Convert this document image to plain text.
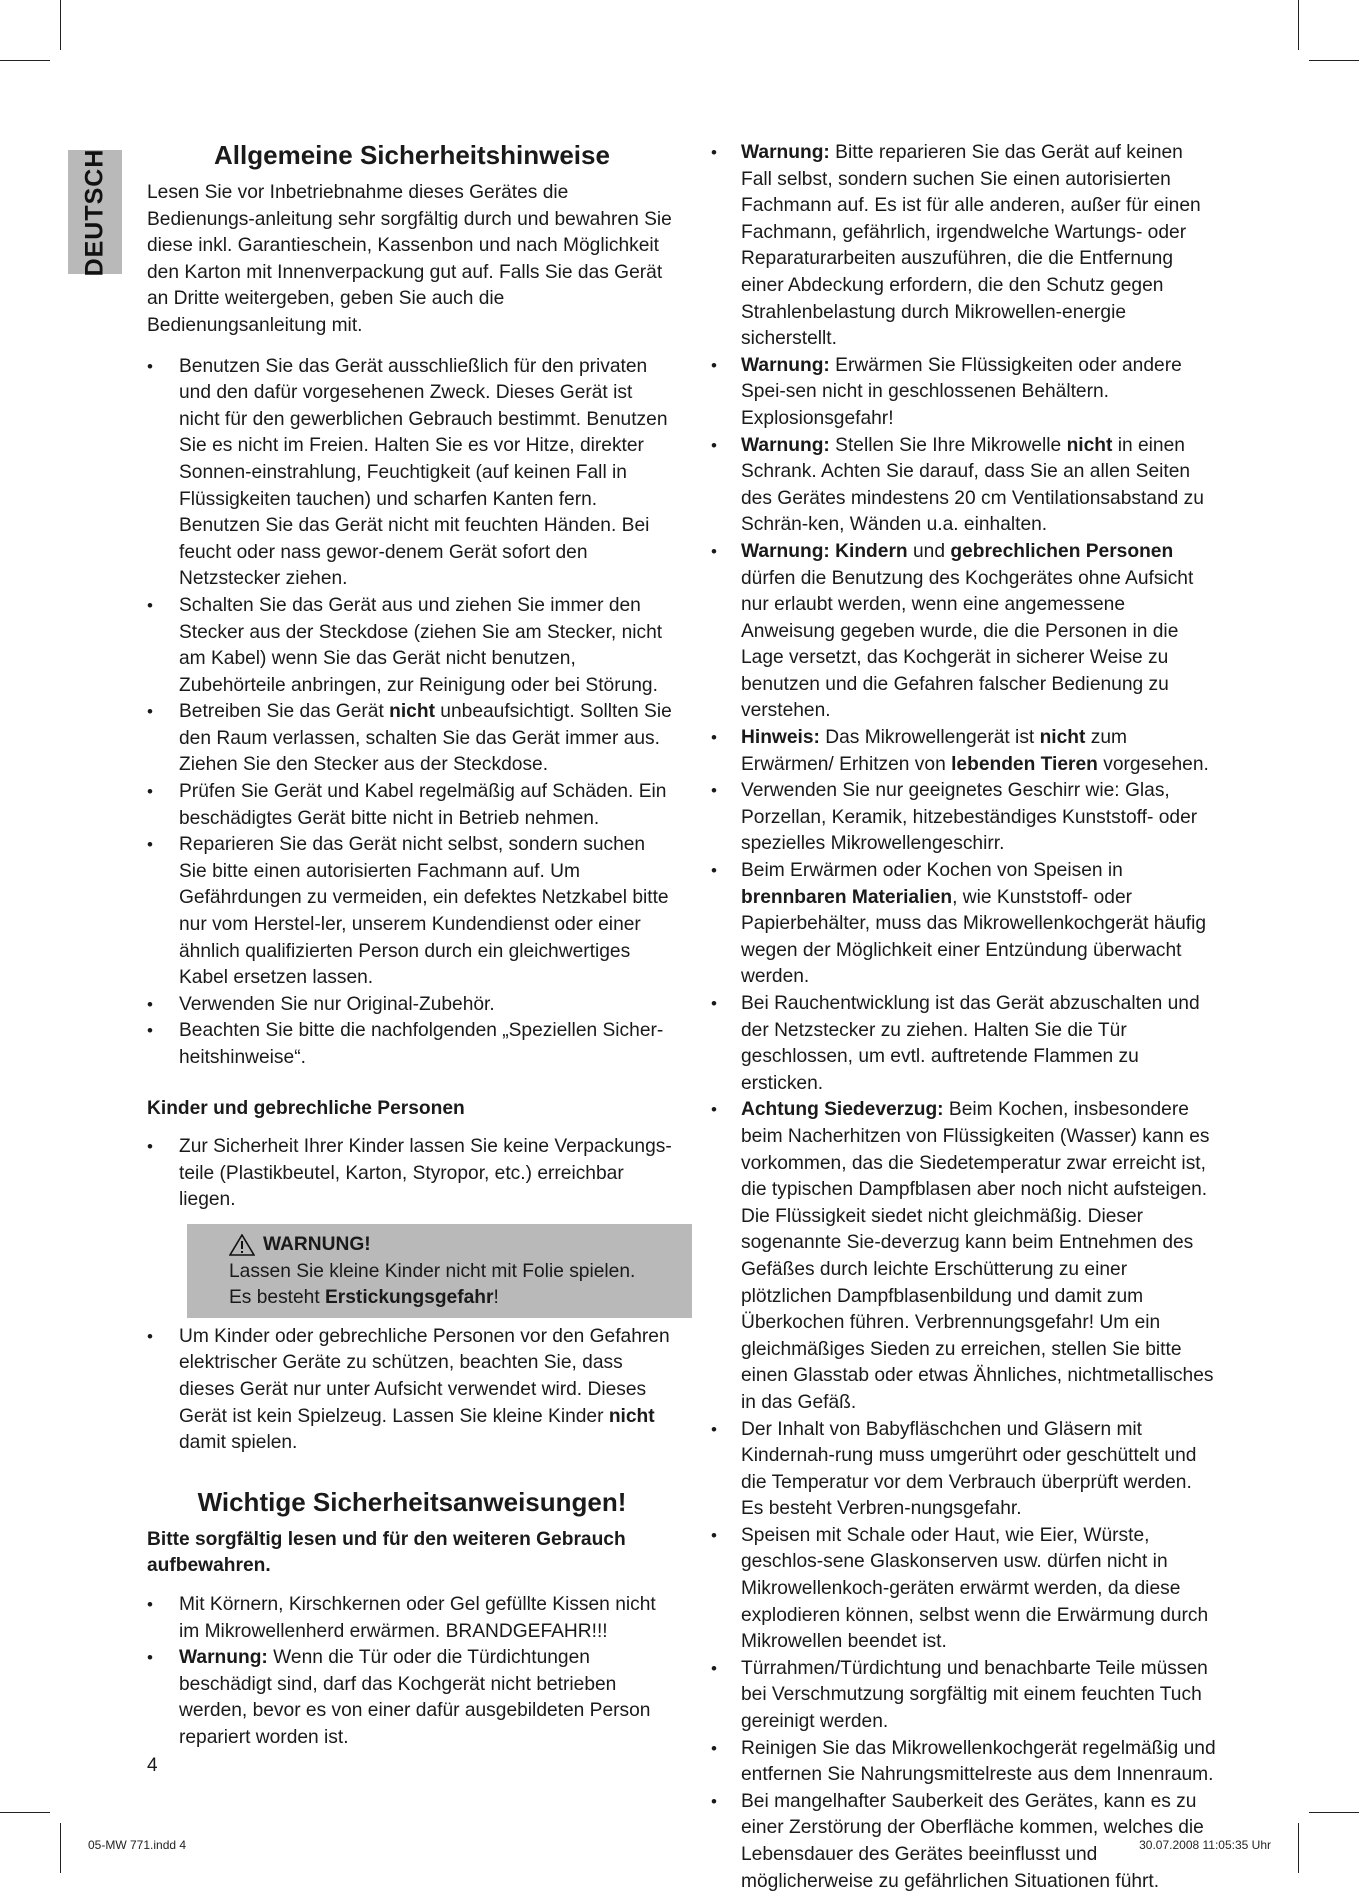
DEUTSCH	Allgemeine Sicherheitshinweise

Lesen Sie vor Inbetriebnahme dieses Gerätes die Bedienungs-anleitung sehr sorgfältig durch und bewahren Sie diese inkl. Garantieschein, Kassenbon und nach Möglichkeit den Karton mit Innenverpackung gut auf. Falls Sie das Gerät an Dritte weitergeben, geben Sie auch die Bedienungsanleitung mit.

• Benutzen Sie das Gerät ausschließlich für den privaten und den dafür vorgesehenen Zweck. Dieses Gerät ist nicht für den gewerblichen Gebrauch bestimmt. Benutzen Sie es nicht im Freien. Halten Sie es vor Hitze, direkter Sonnen-einstrahlung, Feuchtigkeit (auf keinen Fall in Flüssigkeiten tauchen) und scharfen Kanten fern. Benutzen Sie das Gerät nicht mit feuchten Händen. Bei feucht oder nass gewor-denem Gerät sofort den Netzstecker ziehen.
• Schalten Sie das Gerät aus und ziehen Sie immer den Stecker aus der Steckdose (ziehen Sie am Stecker, nicht am Kabel) wenn Sie das Gerät nicht benutzen, Zubehörteile anbringen, zur Reinigung oder bei Störung.
• Betreiben Sie das Gerät nicht unbeaufsichtigt. Sollten Sie den Raum verlassen, schalten Sie das Gerät immer aus. Ziehen Sie den Stecker aus der Steckdose.
• Prüfen Sie Gerät und Kabel regelmäßig auf Schäden. Ein beschädigtes Gerät bitte nicht in Betrieb nehmen.
• Reparieren Sie das Gerät nicht selbst, sondern suchen Sie bitte einen autorisierten Fachmann auf. Um Gefährdungen zu vermeiden, ein defektes Netzkabel bitte nur vom Herstel-ler, unserem Kundendienst oder einer ähnlich qualifizierten Person durch ein gleichwertiges Kabel ersetzen lassen.
• Verwenden Sie nur Original-Zubehör.
• Beachten Sie bitte die nachfolgenden „Speziellen Sicher-heitshinweise“.

Kinder und gebrechliche Personen

• Zur Sicherheit Ihrer Kinder lassen Sie keine Verpackungs-teile (Plastikbeutel, Karton, Styropor, etc.) erreichbar liegen.
WARNUNG!
Lassen Sie kleine Kinder nicht mit Folie spielen.
Es besteht Erstickungsgefahr!
• Um Kinder oder gebrechliche Personen vor den Gefahren elektrischer Geräte zu schützen, beachten Sie, dass dieses Gerät nur unter Aufsicht verwendet wird. Dieses Gerät ist kein Spielzeug. Lassen Sie kleine Kinder nicht damit spielen.
Wichtige Sicherheitsanweisungen!

Bitte sorgfältig lesen und für den weiteren Gebrauch aufbewahren.

• Mit Körnern, Kirschkernen oder Gel gefüllte Kissen nicht im Mikrowellenherd erwärmen. BRANDGEFAHR!!!
• Warnung: Wenn die Tür oder die Türdichtungen beschädigt sind, darf das Kochgerät nicht betrieben werden, bevor es von einer dafür ausgebildeten Person repariert worden ist.
• Warnung: Bitte reparieren Sie das Gerät auf keinen Fall selbst, sondern suchen Sie einen autorisierten Fachmann auf. Es ist für alle anderen, außer für einen Fachmann, gefährlich, irgendwelche Wartungs- oder Reparaturarbeiten auszuführen, die die Entfernung einer Abdeckung erfordern, die den Schutz gegen Strahlenbelastung durch Mikrowellen-energie sicherstellt.
• Warnung: Erwärmen Sie Flüssigkeiten oder andere Spei-sen nicht in geschlossenen Behältern. Explosionsgefahr!
• Warnung: Stellen Sie Ihre Mikrowelle nicht in einen Schrank. Achten Sie darauf, dass Sie an allen Seiten des Gerätes mindestens 20 cm Ventilationsabstand zu Schrän-ken, Wänden u.a. einhalten.
• Warnung: Kindern und gebrechlichen Personen dürfen die Benutzung des Kochgerätes ohne Aufsicht nur erlaubt werden, wenn eine angemessene Anweisung gegeben wurde, die die Personen in die Lage versetzt, das Kochgerät in sicherer Weise zu benutzen und die Gefahren falscher Bedienung zu verstehen.
• Hinweis: Das Mikrowellengerät ist nicht zum Erwärmen/ Erhitzen von lebenden Tieren vorgesehen.
• Verwenden Sie nur geeignetes Geschirr wie: Glas, Porzellan, Keramik, hitzebeständiges Kunststoff- oder spezielles Mikrowellengeschirr.
• Beim Erwärmen oder Kochen von Speisen in brennbaren Materialien, wie Kunststoff- oder Papierbehälter, muss das Mikrowellenkochgerät häufig wegen der Möglichkeit einer Entzündung überwacht werden.
• Bei Rauchentwicklung ist das Gerät abzuschalten und der Netzstecker zu ziehen. Halten Sie die Tür geschlossen, um evtl. auftretende Flammen zu ersticken.
• Achtung Siedeverzug: Beim Kochen, insbesondere beim Nacherhitzen von Flüssigkeiten (Wasser) kann es vorkommen, das die Siedetemperatur zwar erreicht ist, die typischen Dampfblasen aber noch nicht aufsteigen. Die Flüssigkeit siedet nicht gleichmäßig. Dieser sogenannte Sie-deverzug kann beim Entnehmen des Gefäßes durch leichte Erschütterung zu einer plötzlichen Dampfblasenbildung und damit zum Überkochen führen. Verbrennungsgefahr! Um ein gleichmäßiges Sieden zu erreichen, stellen Sie bitte einen Glasstab oder etwas Ähnliches, nichtmetallisches in das Gefäß.
• Der Inhalt von Babyfläschchen und Gläsern mit Kindernah-rung muss umgerührt oder geschüttelt und die Temperatur vor dem Verbrauch überprüft werden. Es besteht Verbren-nungsgefahr.
• Speisen mit Schale oder Haut, wie Eier, Würste, geschlos-sene Glaskonserven usw. dürfen nicht in Mikrowellenkoch-geräten erwärmt werden, da diese explodieren können, selbst wenn die Erwärmung durch Mikrowellen beendet ist.
• Türrahmen/Türdichtung und benachbarte Teile müssen bei Verschmutzung sorgfältig mit einem feuchten Tuch gereinigt werden.
• Reinigen Sie das Mikrowellenkochgerät regelmäßig und entfernen Sie Nahrungsmittelreste aus dem Innenraum.
• Bei mangelhafter Sauberkeit des Gerätes, kann es zu einer Zerstörung der Oberfläche kommen, welches die Lebensdauer des Gerätes beeinflusst und möglicherweise zu gefährlichen Situationen führt.
4
05-MW 771.indd 4	30.07.2008 11:05:35 Uhr
